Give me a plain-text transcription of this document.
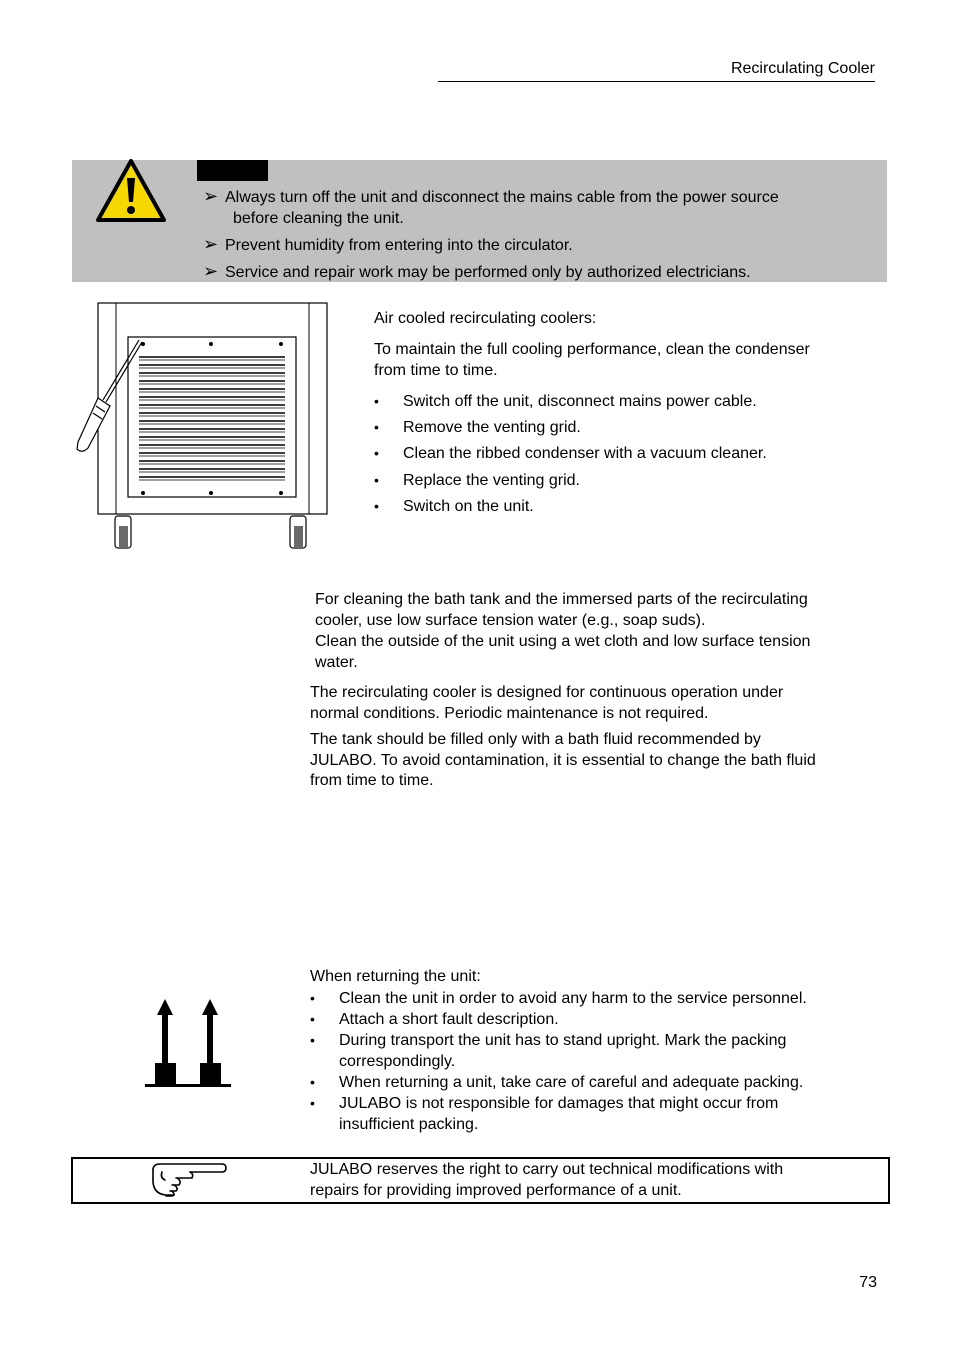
Recirculating Cooler
➢ Always turn off the unit and disconnect the mains cable from the power source
before cleaning the unit.
➢ Prevent humidity from entering into the circulator.
➢ Service and repair work may be performed only by authorized electricians.
Air cooled recirculating coolers:
To maintain the full cooling performance, clean the condenser
from time to time.
• Switch off the unit, disconnect mains power cable.
• Remove the venting grid.
• Clean the ribbed condenser with a vacuum cleaner.
• Replace the venting grid.
• Switch on the unit.
For cleaning the bath tank and the immersed parts of the recirculating
cooler, use low surface tension water (e.g., soap suds).
Clean the outside of the unit using a wet cloth and low surface tension
water.
The recirculating cooler is designed for continuous operation under
normal conditions. Periodic maintenance is not required.
The tank should be filled only with a bath fluid recommended by
JULABO. To avoid contamination, it is essential to change the bath fluid
from time to time.
When returning the unit:
• Clean the unit in order to avoid any harm to the service personnel.
• Attach a short fault description.
• During transport the unit has to stand upright. Mark the packing
correspondingly.
• When returning a unit, take care of careful and adequate packing.
• JULABO is not responsible for damages that might occur from
insufficient packing.
JULABO reserves the right to carry out technical modifications with
repairs for providing improved performance of a unit.
73
